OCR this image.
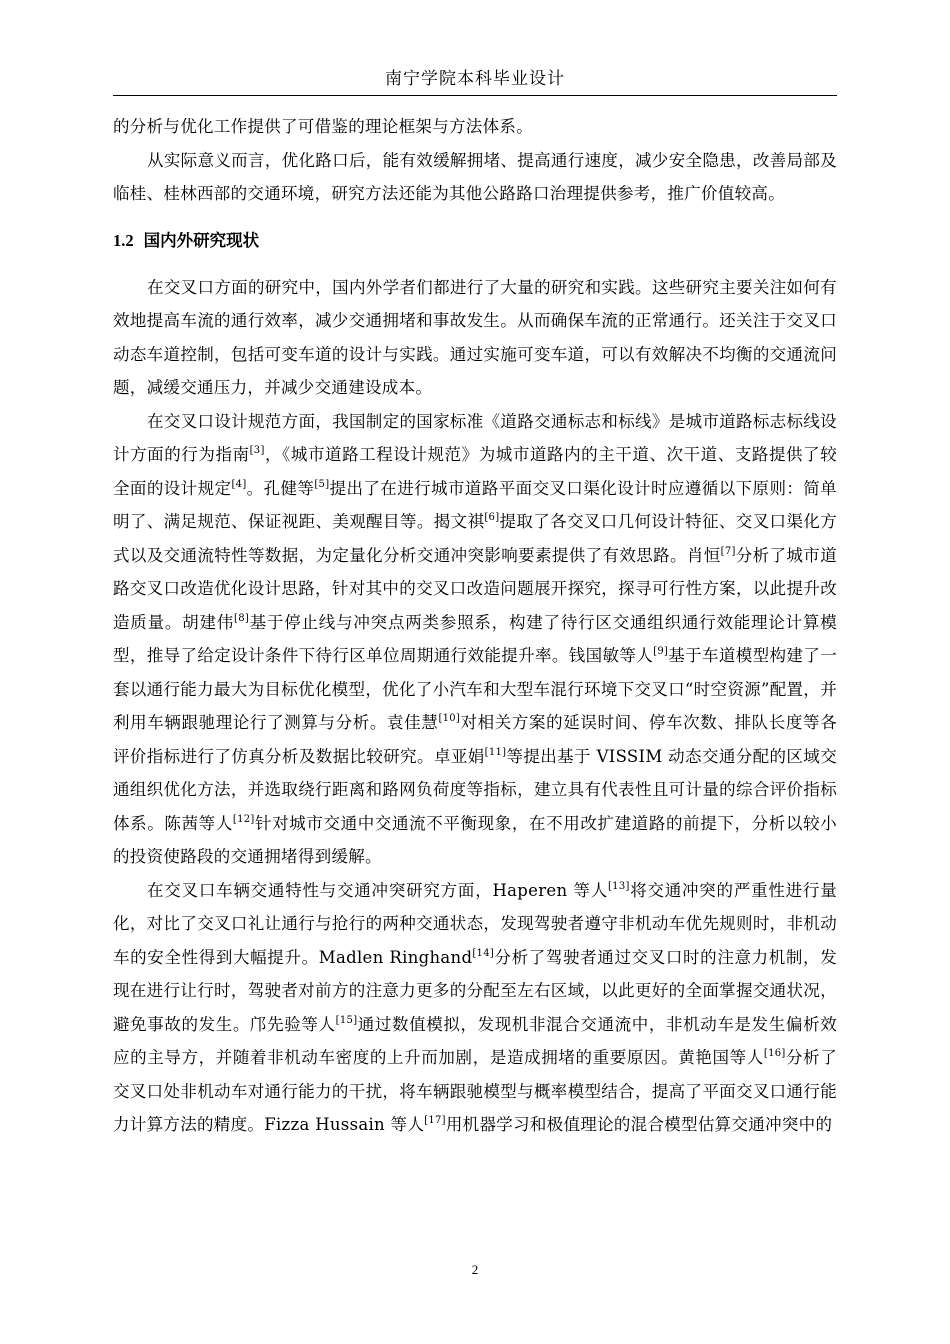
南宁学院本科毕业设计

的分析与优化工作提供了可借鉴的理论框架与方法体系。

从实际意义而言，优化路口后，能有效缓解拥堵、提高通行速度，减少安全隐患，改善局部及临桂、桂林西部的交通环境，研究方法还能为其他公路路口治理提供参考，推广价值较高。

1.2 国内外研究现状

在交叉口方面的研究中，国内外学者们都进行了大量的研究和实践。这些研究主要关注如何有效地提高车流的通行效率，减少交通拥堵和事故发生。从而确保车流的正常通行。还关注于交叉口动态车道控制，包括可变车道的设计与实践。通过实施可变车道，可以有效解决不均衡的交通流问题，减缓交通压力，并减少交通建设成本。

在交叉口设计规范方面，我国制定的国家标准《道路交通标志和标线》是城市道路标志标线设计方面的行为指南[3]，《城市道路工程设计规范》为城市道路内的主干道、次干道、支路提供了较全面的设计规定[4]。孔健等[5]提出了在进行城市道路平面交叉口渠化设计时应遵循以下原则：简单明了、满足规范、保证视距、美观醒目等。揭文祺[6]提取了各交叉口几何设计特征、交叉口渠化方式以及交通流特性等数据，为定量化分析交通冲突影响要素提供了有效思路。肖恒[7]分析了城市道路交叉口改造优化设计思路，针对其中的交叉口改造问题展开探究，探寻可行性方案，以此提升改造质量。胡建伟[8]基于停止线与冲突点两类参照系，构建了待行区交通组织通行效能理论计算模型，推导了给定设计条件下待行区单位周期通行效能提升率。钱国敏等人[9]基于车道模型构建了一套以通行能力最大为目标优化模型，优化了小汽车和大型车混行环境下交叉口“时空资源”配置，并利用车辆跟驰理论行了测算与分析。袁佳慧[10]对相关方案的延误时间、停车次数、排队长度等各评价指标进行了仿真分析及数据比较研究。卓亚娟[11]等提出基于 VISSIM 动态交通分配的区域交通组织优化方法，并选取绕行距离和路网负荷度等指标，建立具有代表性且可计量的综合评价指标体系。陈茜等人[12]针对城市交通中交通流不平衡现象，在不用改扩建道路的前提下，分析以较小的投资使路段的交通拥堵得到缓解。

在交叉口车辆交通特性与交通冲突研究方面，Haperen 等人[13]将交通冲突的严重性进行量化，对比了交叉口礼让通行与抢行的两种交通状态，发现驾驶者遵守非机动车优先规则时，非机动车的安全性得到大幅提升。Madlen Ringhand[14]分析了驾驶者通过交叉口时的注意力机制，发现在进行让行时，驾驶者对前方的注意力更多的分配至左右区域，以此更好的全面掌握交通状况，避免事故的发生。邝先验等人[15]通过数值模拟，发现机非混合交通流中，非机动车是发生偏析效应的主导方，并随着非机动车密度的上升而加剧，是造成拥堵的重要原因。黄艳国等人[16]分析了交叉口处非机动车对通行能力的干扰，将车辆跟驰模型与概率模型结合，提高了平面交叉口通行能力计算方法的精度。Fizza Hussain 等人[17]用机器学习和极值理论的混合模型估算交通冲突中的

2
